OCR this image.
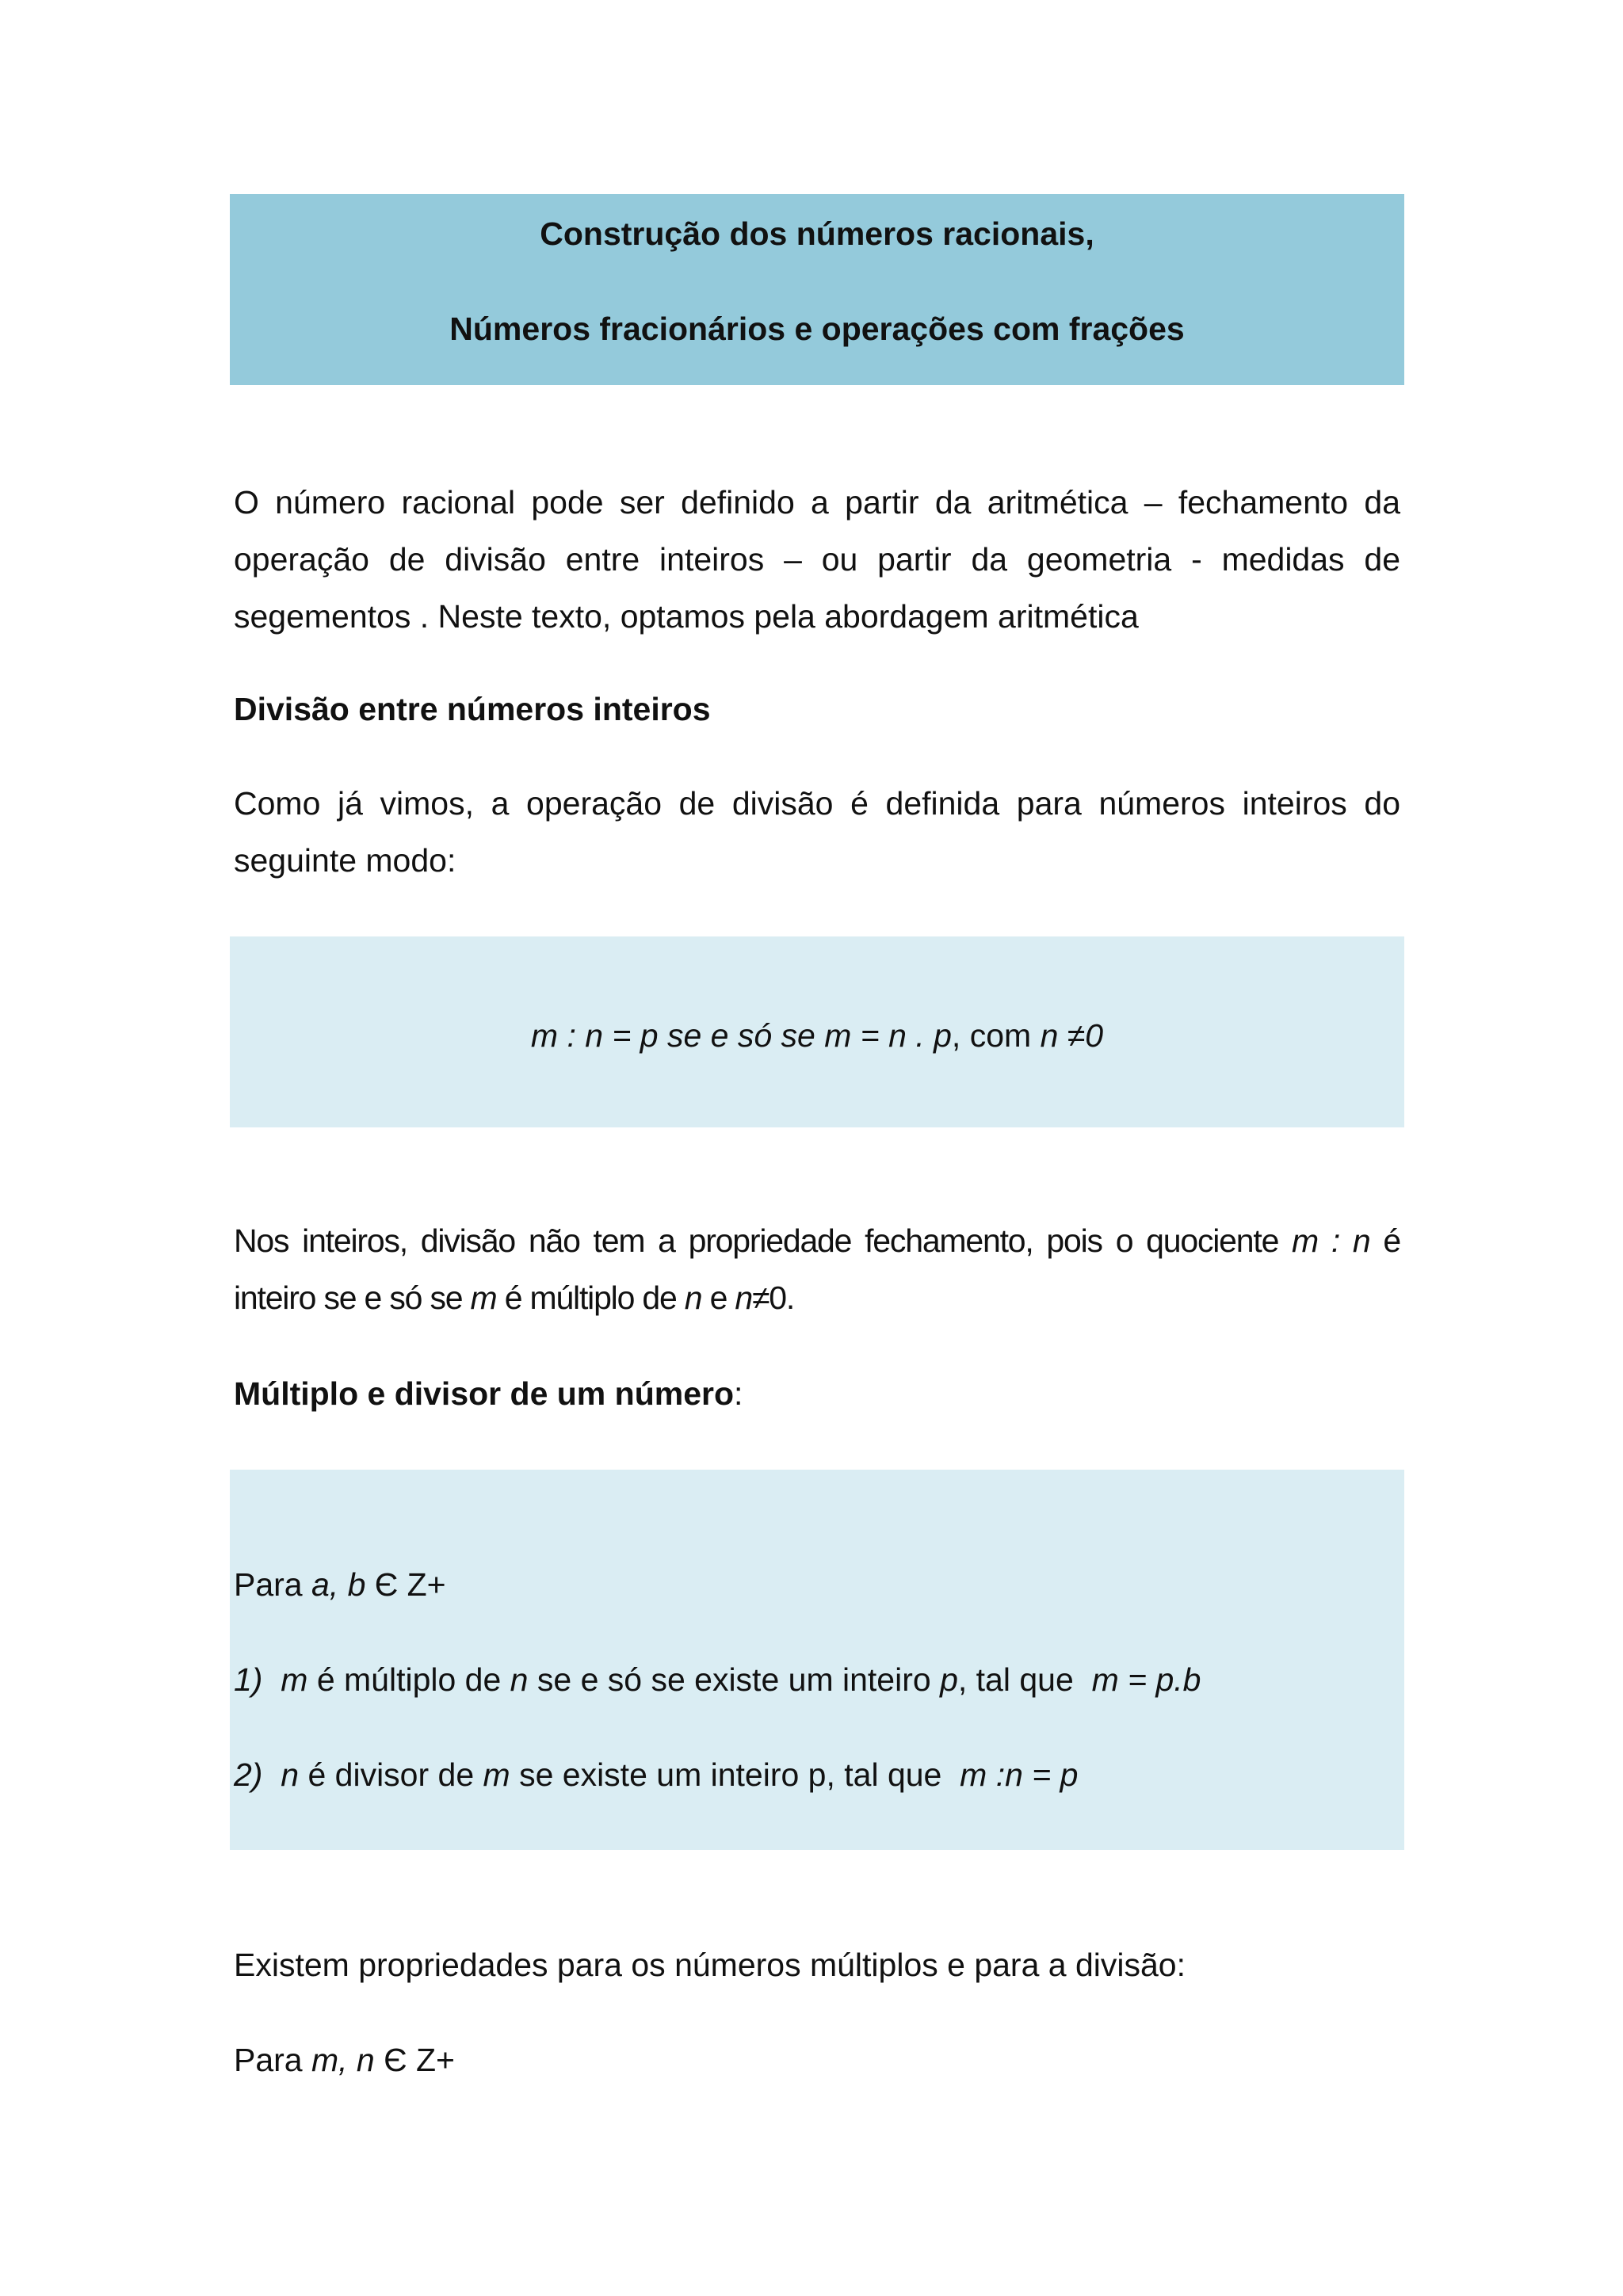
Construção dos números racionais,
Números fracionários e operações com frações

O número racional pode ser definido a partir da aritmética – fechamento da operação de divisão entre inteiros – ou partir da geometria - medidas de segementos . Neste texto, optamos pela abordagem aritmética

Divisão entre números inteiros

Como já vimos, a operação de divisão é definida para números inteiros do seguinte modo:

m : n = p se e só se m = n . p, com n ≠0

Nos inteiros, divisão não tem a propriedade fechamento, pois o quociente m : n é inteiro se e só se m é múltiplo de n e n≠0.

Múltiplo e divisor de um número:

Para a, b Є Z+
1) m é múltiplo de n se e só se existe um inteiro p, tal que  m = p.b
2) n é divisor de m se existe um inteiro p, tal que  m :n = p

Existem propriedades para os números múltiplos e para a divisão:

Para m, n Є Z+
